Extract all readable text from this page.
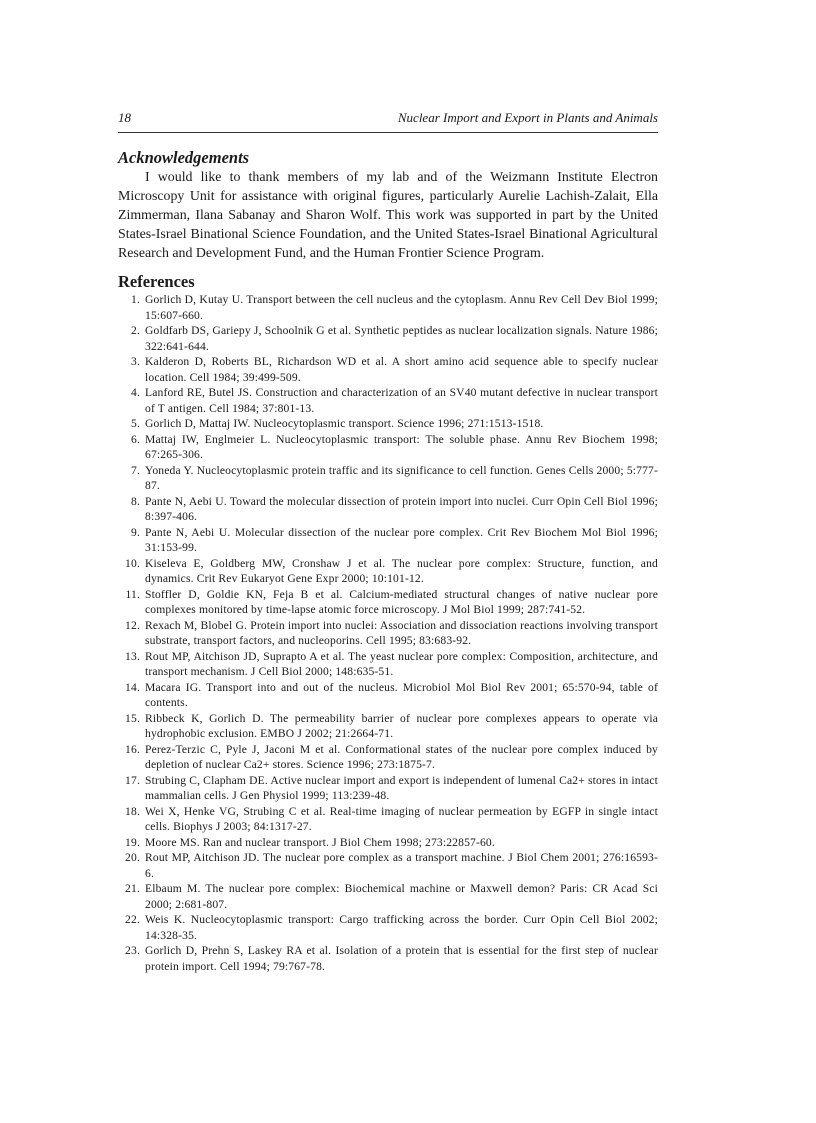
18	Nuclear Import and Export in Plants and Animals
Acknowledgements

I would like to thank members of my lab and of the Weizmann Institute Electron Microscopy Unit for assistance with original figures, particularly Aurelie Lachish-Zalait, Ella Zimmerman, Ilana Sabanay and Sharon Wolf. This work was supported in part by the United States-Israel Binational Science Foundation, and the United States-Israel Binational Agricultural Research and Development Fund, and the Human Frontier Science Program.

References
1. Gorlich D, Kutay U. Transport between the cell nucleus and the cytoplasm. Annu Rev Cell Dev Biol 1999; 15:607-660.
2. Goldfarb DS, Gariepy J, Schoolnik G et al. Synthetic peptides as nuclear localization signals. Nature 1986; 322:641-644.
3. Kalderon D, Roberts BL, Richardson WD et al. A short amino acid sequence able to specify nuclear location. Cell 1984; 39:499-509.
4. Lanford RE, Butel JS. Construction and characterization of an SV40 mutant defective in nuclear transport of T antigen. Cell 1984; 37:801-13.
5. Gorlich D, Mattaj IW. Nucleocytoplasmic transport. Science 1996; 271:1513-1518.
6. Mattaj IW, Englmeier L. Nucleocytoplasmic transport: The soluble phase. Annu Rev Biochem 1998; 67:265-306.
7. Yoneda Y. Nucleocytoplasmic protein traffic and its significance to cell function. Genes Cells 2000; 5:777-87.
8. Pante N, Aebi U. Toward the molecular dissection of protein import into nuclei. Curr Opin Cell Biol 1996; 8:397-406.
9. Pante N, Aebi U. Molecular dissection of the nuclear pore complex. Crit Rev Biochem Mol Biol 1996; 31:153-99.
10. Kiseleva E, Goldberg MW, Cronshaw J et al. The nuclear pore complex: Structure, function, and dynamics. Crit Rev Eukaryot Gene Expr 2000; 10:101-12.
11. Stoffler D, Goldie KN, Feja B et al. Calcium-mediated structural changes of native nuclear pore complexes monitored by time-lapse atomic force microscopy. J Mol Biol 1999; 287:741-52.
12. Rexach M, Blobel G. Protein import into nuclei: Association and dissociation reactions involving transport substrate, transport factors, and nucleoporins. Cell 1995; 83:683-92.
13. Rout MP, Aitchison JD, Suprapto A et al. The yeast nuclear pore complex: Composition, architecture, and transport mechanism. J Cell Biol 2000; 148:635-51.
14. Macara IG. Transport into and out of the nucleus. Microbiol Mol Biol Rev 2001; 65:570-94, table of contents.
15. Ribbeck K, Gorlich D. The permeability barrier of nuclear pore complexes appears to operate via hydrophobic exclusion. EMBO J 2002; 21:2664-71.
16. Perez-Terzic C, Pyle J, Jaconi M et al. Conformational states of the nuclear pore complex induced by depletion of nuclear Ca2+ stores. Science 1996; 273:1875-7.
17. Strubing C, Clapham DE. Active nuclear import and export is independent of lumenal Ca2+ stores in intact mammalian cells. J Gen Physiol 1999; 113:239-48.
18. Wei X, Henke VG, Strubing C et al. Real-time imaging of nuclear permeation by EGFP in single intact cells. Biophys J 2003; 84:1317-27.
19. Moore MS. Ran and nuclear transport. J Biol Chem 1998; 273:22857-60.
20. Rout MP, Aitchison JD. The nuclear pore complex as a transport machine. J Biol Chem 2001; 276:16593-6.
21. Elbaum M. The nuclear pore complex: Biochemical machine or Maxwell demon? Paris: CR Acad Sci 2000; 2:681-807.
22. Weis K. Nucleocytoplasmic transport: Cargo trafficking across the border. Curr Opin Cell Biol 2002; 14:328-35.
23. Gorlich D, Prehn S, Laskey RA et al. Isolation of a protein that is essential for the first step of nuclear protein import. Cell 1994; 79:767-78.
